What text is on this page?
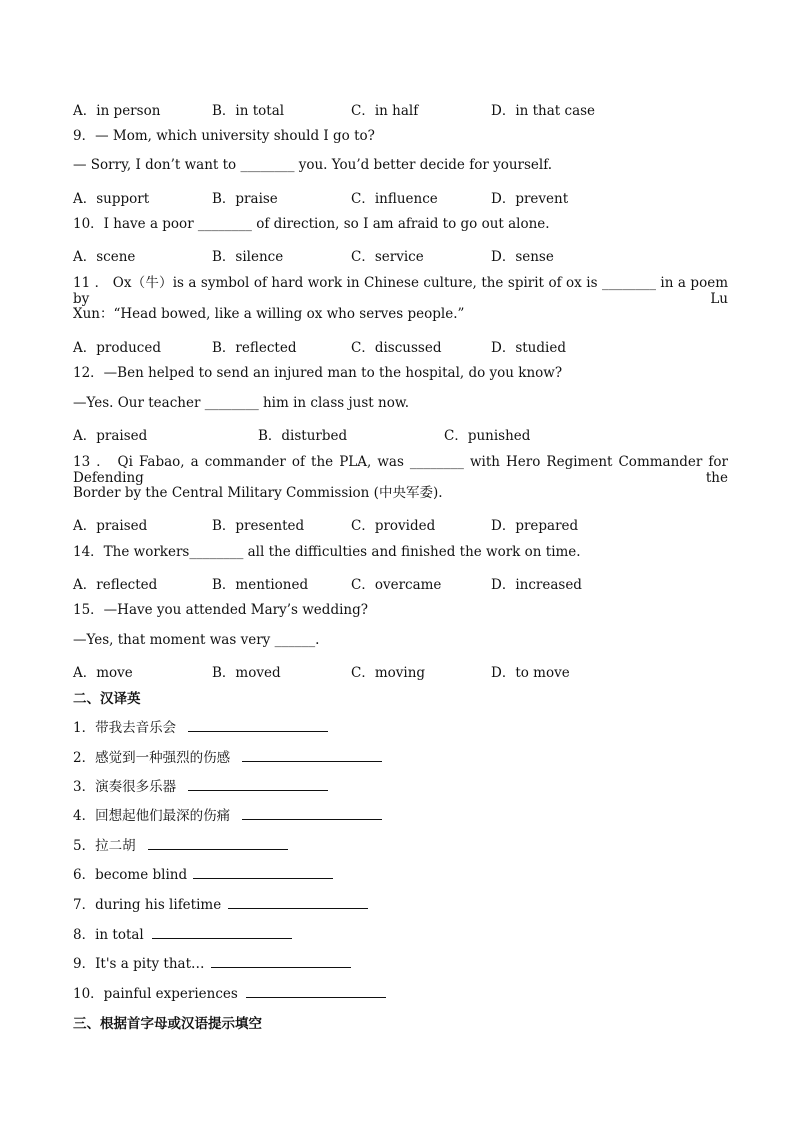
A．in person	B．in total	C．in half	D．in that case
9．— Mom, which university should I go to?
— Sorry, I don’t want to ________ you. You’d better decide for yourself.
A．support	B．praise	C．influence	D．prevent
10．I have a poor ________ of direction, so I am afraid to go out alone.
A．scene	B．silence	C．service	D．sense
11 ． Ox（牛）is a symbol of hard work in Chinese culture, the spirit of ox is ________ in a poem by Lu
Xun：“Head bowed, like a willing ox who serves people.”
A．produced	B．reflected	C．discussed	D．studied
12．—Ben helped to send an injured man to the hospital, do you know?
—Yes. Our teacher ________ him in class just now.
A．praised	B．disturbed	C．punished
13 ． Qi Fabao, a commander of the PLA, was ________ with Hero Regiment Commander for Defending the
Border by the Central Military Commission (中央军委).
A．praised	B．presented	C．provided	D．prepared
14．The workers________ all the difficulties and finished the work on time.
A．reflected	B．mentioned	C．overcame	D．increased
15．—Have you attended Mary’s wedding?
—Yes, that moment was very ______.
A．move	B．moved	C．moving	D．to move
二、汉译英
1．带我去音乐会
2．感觉到一种强烈的伤感
3．演奏很多乐器
4．回想起他们最深的伤痛
5．拉二胡
6．become blind
7．during his lifetime
8．in total
9．It's a pity that…
10．painful experiences
三、根据首字母或汉语提示填空
